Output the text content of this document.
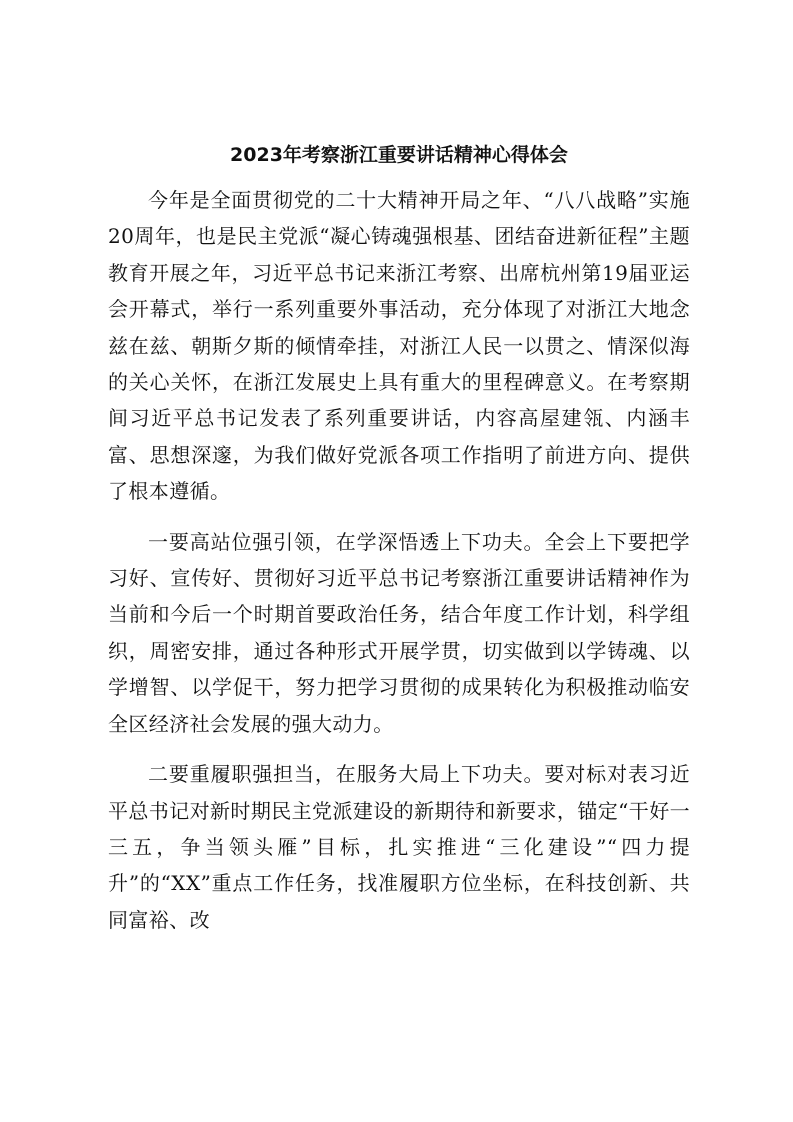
2023年考察浙江重要讲话精神心得体会

今年是全面贯彻党的二十大精神开局之年、“八八战略”实施20周年，也是民主党派“凝心铸魂强根基、团结奋进新征程”主题教育开展之年，习近平总书记来浙江考察、出席杭州第19届亚运会开幕式，举行一系列重要外事活动，充分体现了对浙江大地念兹在兹、朝斯夕斯的倾情牵挂，对浙江人民一以贯之、情深似海的关心关怀，在浙江发展史上具有重大的里程碑意义。在考察期间习近平总书记发表了系列重要讲话，内容高屋建瓴、内涵丰富、思想深邃，为我们做好党派各项工作指明了前进方向、提供了根本遵循。

一要高站位强引领，在学深悟透上下功夫。全会上下要把学习好、宣传好、贯彻好习近平总书记考察浙江重要讲话精神作为当前和今后一个时期首要政治任务，结合年度工作计划，科学组织，周密安排，通过各种形式开展学贯，切实做到以学铸魂、以学增智、以学促干，努力把学习贯彻的成果转化为积极推动临安全区经济社会发展的强大动力。

二要重履职强担当，在服务大局上下功夫。要对标对表习近平总书记对新时期民主党派建设的新期待和新要求，锚定“干好一三五，争当领头雁”目标，扎实推进“三化建设”“四力提升”的“XX”重点工作任务，找准履职方位坐标，在科技创新、共同富裕、改
